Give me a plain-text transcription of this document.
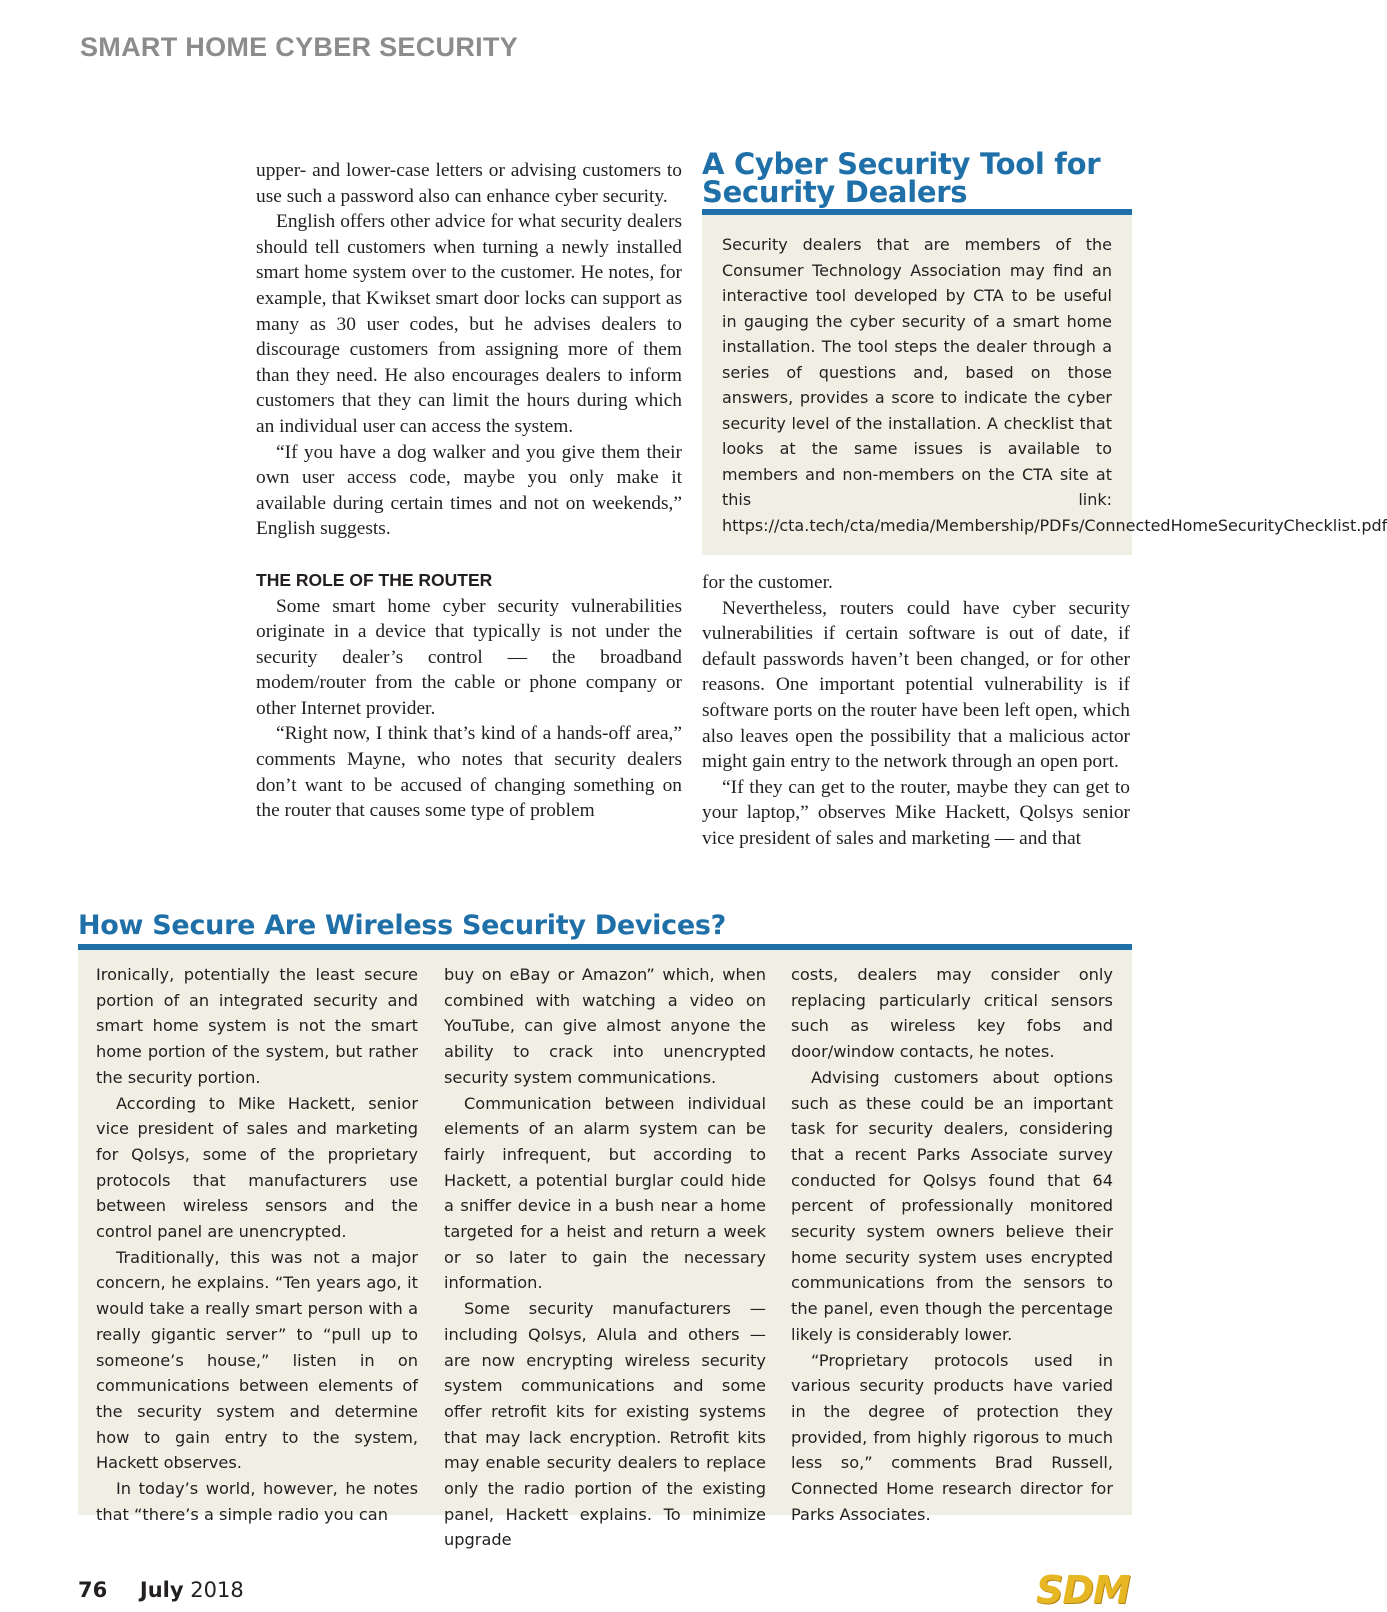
SMART HOME CYBER SECURITY

upper- and lower-case letters or advising customers to use such a password also can enhance cyber security.

English offers other advice for what security dealers should tell customers when turning a newly installed smart home system over to the customer. He notes, for example, that Kwikset smart door locks can support as many as 30 user codes, but he advises dealers to discourage customers from assigning more of them than they need. He also encourages dealers to inform customers that they can limit the hours during which an individual user can access the system.

“If you have a dog walker and you give them their own user access code, maybe you only make it available during certain times and not on weekends,” English suggests.

THE ROLE OF THE ROUTER

Some smart home cyber security vulnerabilities originate in a device that typically is not under the security dealer’s control — the broadband modem/router from the cable or phone company or other Internet provider.

“Right now, I think that’s kind of a hands-off area,” comments Mayne, who notes that security dealers don’t want to be accused of changing something on the router that causes some type of problem

A Cyber Security Tool for Security Dealers
Security dealers that are members of the Consumer Technology Association may find an interactive tool developed by CTA to be useful in gauging the cyber security of a smart home installation. The tool steps the dealer through a series of questions and, based on those answers, provides a score to indicate the cyber security level of the installation. A checklist that looks at the same issues is available to members and non-members on the CTA site at this link: https://cta.tech/cta/media/Membership/PDFs/ConnectedHomeSecurityChecklist.pdf

for the customer.

Nevertheless, routers could have cyber security vulnerabilities if certain software is out of date, if default passwords haven’t been changed, or for other reasons. One important potential vulnerability is if software ports on the router have been left open, which also leaves open the possibility that a malicious actor might gain entry to the network through an open port.

“If they can get to the router, maybe they can get to your laptop,” observes Mike Hackett, Qolsys senior vice president of sales and marketing — and that

How Secure Are Wireless Security Devices?

Ironically, potentially the least secure portion of an integrated security and smart home system is not the smart home portion of the system, but rather the security portion.

According to Mike Hackett, senior vice president of sales and marketing for Qolsys, some of the proprietary protocols that manufacturers use between wireless sensors and the control panel are unencrypted.

Traditionally, this was not a major concern, he explains. “Ten years ago, it would take a really smart person with a really gigantic server” to “pull up to someone’s house,” listen in on communications between elements of the security system and determine how to gain entry to the system, Hackett observes.

In today’s world, however, he notes that “there’s a simple radio you can

buy on eBay or Amazon” which, when combined with watching a video on YouTube, can give almost anyone the ability to crack into unencrypted security system communications.

Communication between individual elements of an alarm system can be fairly infrequent, but according to Hackett, a potential burglar could hide a sniffer device in a bush near a home targeted for a heist and return a week or so later to gain the necessary information.

Some security manufacturers — including Qolsys, Alula and others — are now encrypting wireless security system communications and some offer retrofit kits for existing systems that may lack encryption. Retrofit kits may enable security dealers to replace only the radio portion of the existing panel, Hackett explains. To minimize upgrade

costs, dealers may consider only replacing particularly critical sensors such as wireless key fobs and door/window contacts, he notes.

Advising customers about options such as these could be an important task for security dealers, considering that a recent Parks Associate survey conducted for Qolsys found that 64 percent of professionally monitored security system owners believe their home security system uses encrypted communications from the sensors to the panel, even though the percentage likely is considerably lower.

“Proprietary protocols used in various security products have varied in the degree of protection they provided, from highly rigorous to much less so,” comments Brad Russell, Connected Home research director for Parks Associates.

76 July 2018	SDM
